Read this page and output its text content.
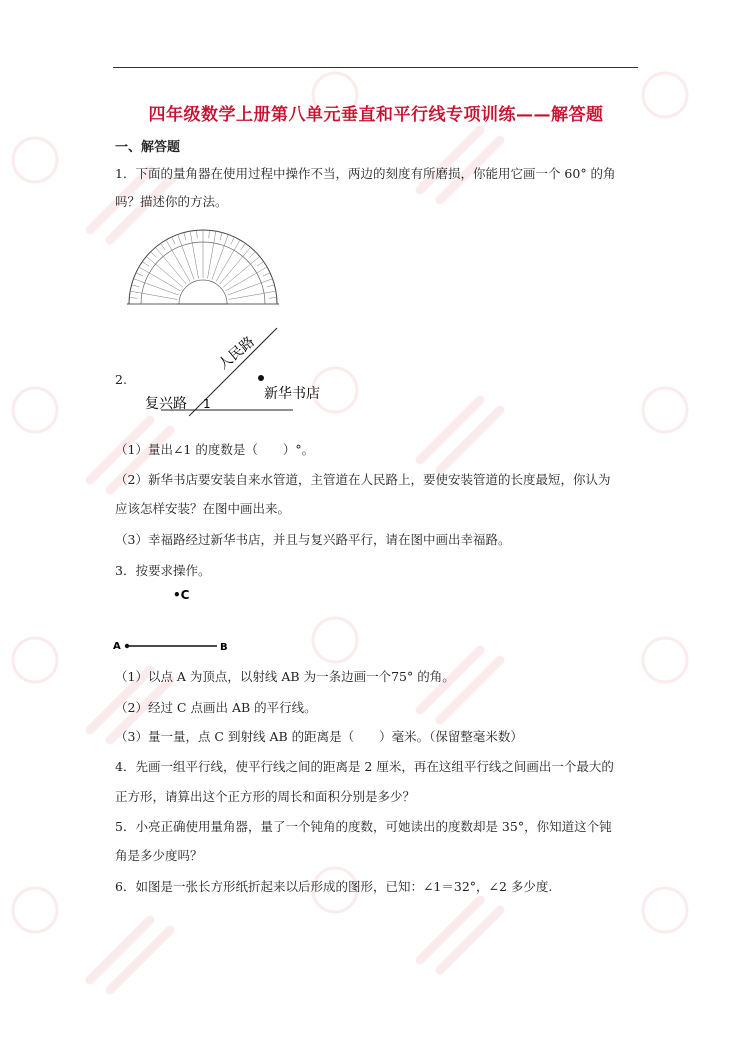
四年级数学上册第八单元垂直和平行线专项训练——解答题
一、解答题
1．下面的量角器在使用过程中操作不当，两边的刻度有所磨损，你能用它画一个 60° 的角
吗？描述你的方法。
2.
人民路
复兴路
新华书店
1
（1）量出∠1 的度数是（　　）°。
（2）新华书店要安装自来水管道，主管道在人民路上，要使安装管道的长度最短，你认为
应该怎样安装？在图中画出来。
（3）幸福路经过新华书店，并且与复兴路平行，请在图中画出幸福路。
3．按要求操作。
•C
A	B
（1）以点 A 为顶点，以射线 AB 为一条边画一个75° 的角。
（2）经过 C 点画出 AB 的平行线。
（3）量一量，点 C 到射线 AB 的距离是（　　）毫米。（保留整毫米数）
4．先画一组平行线，使平行线之间的距离是 2 厘米，再在这组平行线之间画出一个最大的
正方形，请算出这个正方形的周长和面积分别是多少？
5．小亮正确使用量角器，量了一个钝角的度数，可她读出的度数却是 35°，你知道这个钝
角是多少度吗？
6．如图是一张长方形纸折起来以后形成的图形，已知：∠1＝32°，∠2 多少度.
